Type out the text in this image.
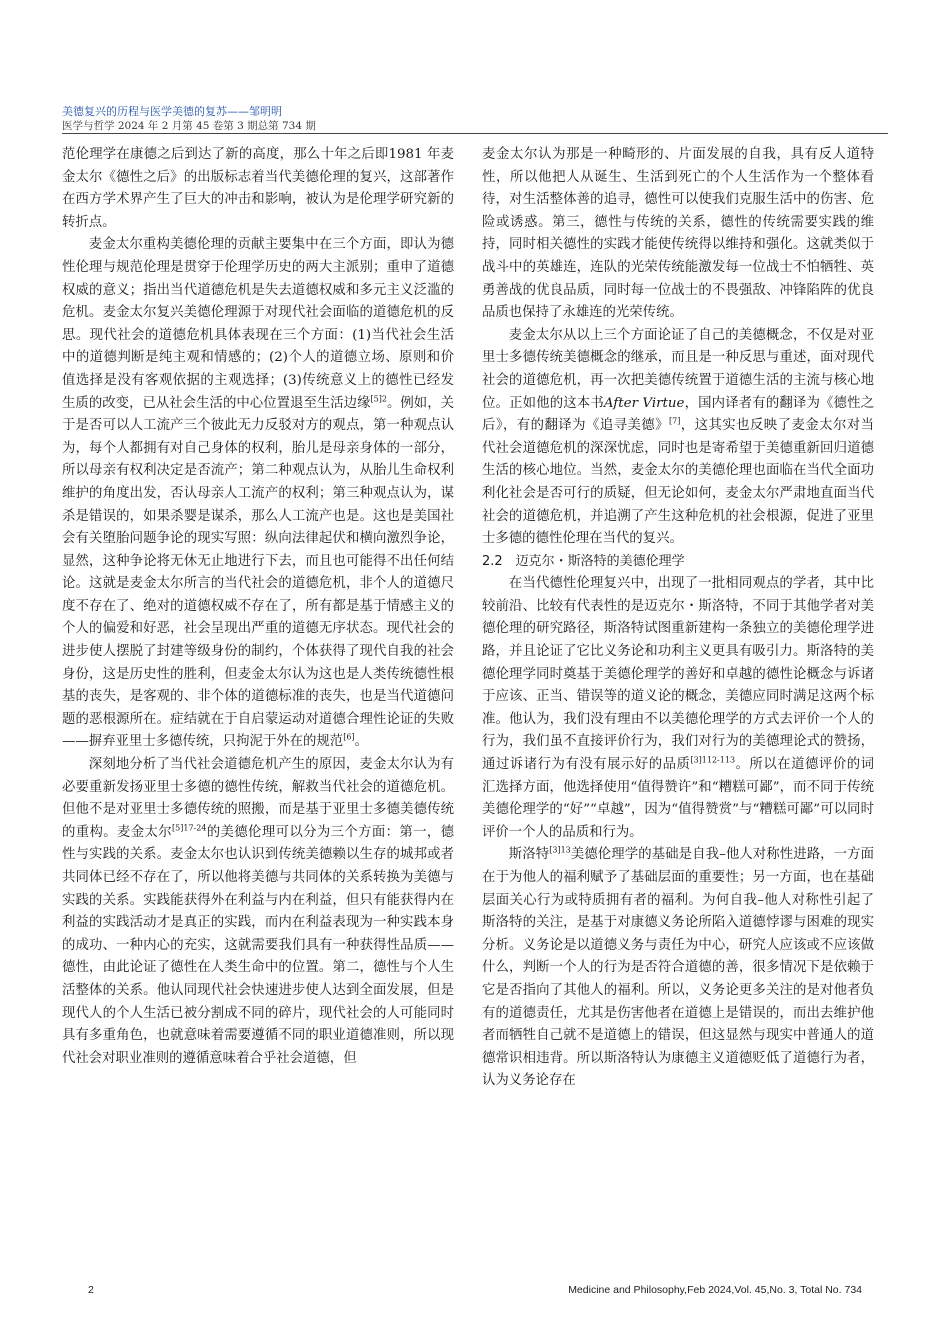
美德复兴的历程与医学美德的复苏——邹明明
医学与哲学 2024 年 2 月第 45 卷第 3 期总第 734 期

范伦理学在康德之后到达了新的高度，那么十年之后即1981 年麦金太尔《德性之后》的出版标志着当代美德伦理的复兴，这部著作在西方学术界产生了巨大的冲击和影响，被认为是伦理学研究新的转折点。

麦金太尔重构美德伦理的贡献主要集中在三个方面，即认为德性伦理与规范伦理是贯穿于伦理学历史的两大主派别；重申了道德权威的意义；指出当代道德危机是失去道德权威和多元主义泛滥的危机。麦金太尔复兴美德伦理源于对现代社会面临的道德危机的反思。现代社会的道德危机具体表现在三个方面：(1)当代社会生活中的道德判断是纯主观和情感的；(2)个人的道德立场、原则和价值选择是没有客观依据的主观选择；(3)传统意义上的德性已经发生质的改变，已从社会生活的中心位置退至生活边缘$^{[5]2}$。例如，关于是否可以人工流产三个彼此无力反驳对方的观点，第一种观点认为，每个人都拥有对自己身体的权利，胎儿是母亲身体的一部分，所以母亲有权利决定是否流产；第二种观点认为，从胎儿生命权利维护的角度出发，否认母亲人工流产的权利；第三种观点认为，谋杀是错误的，如果杀婴是谋杀，那么人工流产也是。这也是美国社会有关堕胎问题争论的现实写照：纵向法律起伏和横向激烈争论，显然，这种争论将无休无止地进行下去，而且也可能得不出任何结论。这就是麦金太尔所言的当代社会的道德危机，非个人的道德尺度不存在了、绝对的道德权威不存在了，所有都是基于情感主义的个人的偏爱和好恶，社会呈现出严重的道德无序状态。现代社会的进步使人摆脱了封建等级身份的制约，个体获得了现代自我的社会身份，这是历史性的胜利，但麦金太尔认为这也是人类传统德性根基的丧失，是客观的、非个体的道德标准的丧失，也是当代道德问题的恶根源所在。症结就在于自启蒙运动对道德合理性论证的失败——摒弃亚里士多德传统，只拘泥于外在的规范[6]。

深刻地分析了当代社会道德危机产生的原因，麦金太尔认为有必要重新发扬亚里士多德的德性传统，解救当代社会的道德危机。但他不是对亚里士多德传统的照搬，而是基于亚里士多德美德传统的重构。麦金太尔$^{[5]17-24}$的美德伦理可以分为三个方面：第一，德性与实践的关系。麦金太尔也认识到传统美德赖以生存的城邦或者共同体已经不存在了，所以他将美德与共同体的关系转换为美德与实践的关系。实践能获得外在利益与内在利益，但只有能获得内在利益的实践活动才是真正的实践，而内在利益表现为一种实践本身的成功、一种内心的充实，这就需要我们具有一种获得性品质——德性，由此论证了德性在人类生命中的位置。第二，德性与个人生活整体的关系。他认同现代社会快速进步使人达到全面发展，但是现代人的个人生活已被分割成不同的碎片，现代社会的人可能同时具有多重角色，也就意味着需要遵循不同的职业道德准则，所以现代社会对职业准则的遵循意味着合乎社会道德，但

麦金太尔认为那是一种畸形的、片面发展的自我，具有反人道特性，所以他把人从诞生、生活到死亡的个人生活作为一个整体看待，对生活整体善的追寻，德性可以使我们克服生活中的伤害、危险或诱惑。第三，德性与传统的关系，德性的传统需要实践的维持，同时相关德性的实践才能使传统得以维持和强化。这就类似于战斗中的英雄连，连队的光荣传统能激发每一位战士不怕牺牲、英勇善战的优良品质，同时每一位战士的不畏强敌、冲锋陷阵的优良品质也保持了永雄连的光荣传统。

麦金太尔从以上三个方面论证了自己的美德概念，不仅是对亚里士多德传统美德概念的继承，而且是一种反思与重述，面对现代社会的道德危机，再一次把美德传统置于道德生活的主流与核心地位。正如他的这本书After Virtue，国内译者有的翻译为《德性之后》，有的翻译为《追寻美德》[7]，这其实也反映了麦金太尔对当代社会道德危机的深深忧虑，同时也是寄希望于美德重新回归道德生活的核心地位。当然，麦金太尔的美德伦理也面临在当代全面功利化社会是否可行的质疑，但无论如何，麦金太尔严肃地直面当代社会的道德危机，并追溯了产生这种危机的社会根源，促进了亚里士多德的德性伦理在当代的复兴。

2.2　迈克尔・斯洛特的美德伦理学

在当代德性伦理复兴中，出现了一批相同观点的学者，其中比较前沿、比较有代表性的是迈克尔・斯洛特，不同于其他学者对美德伦理的研究路径，斯洛特试图重新建构一条独立的美德伦理学进路，并且论证了它比义务论和功利主义更具有吸引力。斯洛特的美德伦理学同时奠基于美德伦理学的善好和卓越的德性论概念与诉诸于应该、正当、错误等的道义论的概念，美德应同时满足这两个标准。他认为，我们没有理由不以美德伦理学的方式去评价一个人的行为，我们虽不直接评价行为，我们对行为的美德理论式的赞扬，通过诉诸行为有没有展示好的品质$^{[3]112-113}$。所以在道德评价的词汇选择方面，他选择使用“值得赞许”和“糟糕可鄙”，而不同于传统美德伦理学的“好”“卓越”，因为“值得赞赏”与“糟糕可鄙”可以同时评价一个人的品质和行为。

斯洛特$^{[3]13}$美德伦理学的基础是自我–他人对称性进路，一方面在于为他人的福利赋予了基础层面的重要性；另一方面，也在基础层面关心行为或特质拥有者的福利。为何自我–他人对称性引起了斯洛特的关注，是基于对康德义务论所陷入道德悖谬与困难的现实分析。义务论是以道德义务与责任为中心，研究人应该或不应该做什么，判断一个人的行为是否符合道德的善，很多情况下是依赖于它是否指向了其他人的福利。所以，义务论更多关注的是对他者负有的道德责任，尤其是伤害他者在道德上是错误的，而出去维护他者而牺牲自己就不是道德上的错误，但这显然与现实中普通人的道德常识相违背。所以斯洛特认为康德主义道德贬低了道德行为者，认为义务论存在

2	Medicine and Philosophy,Feb 2024,Vol. 45,No. 3, Total No. 734
